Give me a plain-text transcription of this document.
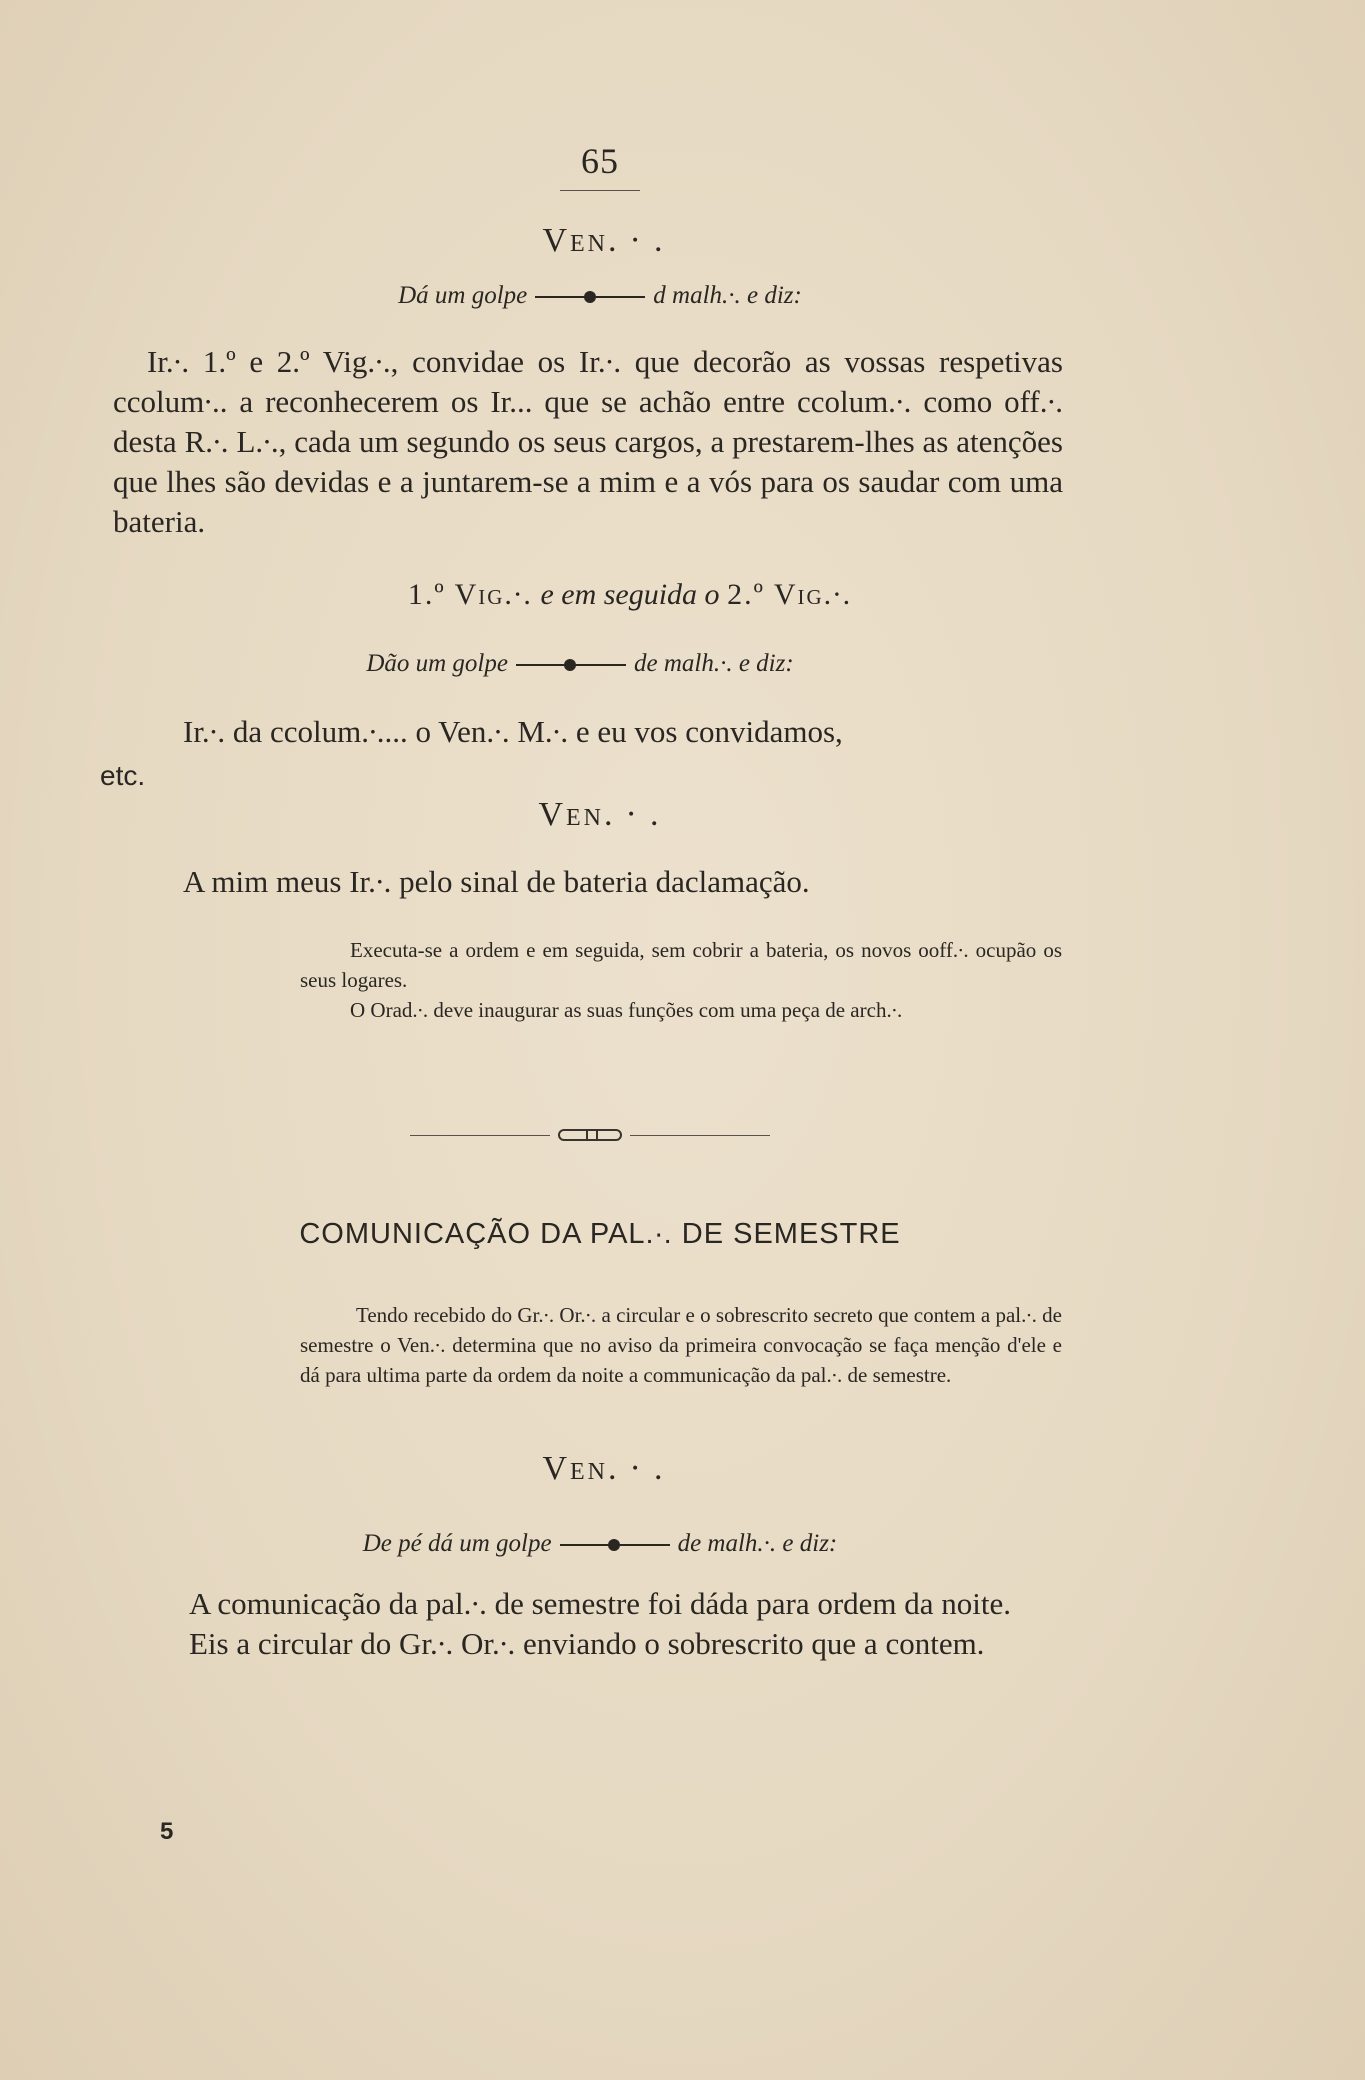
65
Ven. ∙ .
Dá um golpe	d malh.∙. e diz:

Ir.∙. 1.º e 2.º Vig.∙., convidae os Ir.∙. que decorão as vossas respetivas ccolum∙.. a reconhecerem os Ir... que se achão entre ccolum.∙. como off.∙. desta R.∙. L.∙., cada um segundo os seus cargos, a prestarem-lhes as atenções que lhes são devidas e a juntarem-se a mim e a vós para os saudar com uma bateria.

1.º Vig.∙. e em seguida o 2.º Vig.∙.
Dão um golpe	de malh.∙. e diz:
Ir.∙. da ccolum.∙.... o Ven.∙. M.∙. e eu vos convidamos,
etc.
Ven. ∙ .
A mim meus Ir.∙. pelo sinal de bateria daclamação.

Executa-se a ordem e em seguida, sem cobrir a bateria, os novos ooff.∙. ocupão os seus logares.

O Orad.∙. deve inaugurar as suas funções com uma peça de arch.∙.

COMUNICAÇÃO DA PAL.∙. DE SEMESTRE

Tendo recebido do Gr.∙. Or.∙. a circular e o sobrescrito secreto que contem a pal.∙. de semestre o Ven.∙. determina que no aviso da primeira convocação se faça menção d'ele e dá para ultima parte da ordem da noite a communicação da pal.∙. de semestre.

Ven. ∙ .
De pé dá um golpe	de malh.∙. e diz:

A comunicação da pal.∙. de semestre foi dáda para ordem da noite.

Eis a circular do Gr.∙. Or.∙. enviando o sobrescrito que a contem.

5
